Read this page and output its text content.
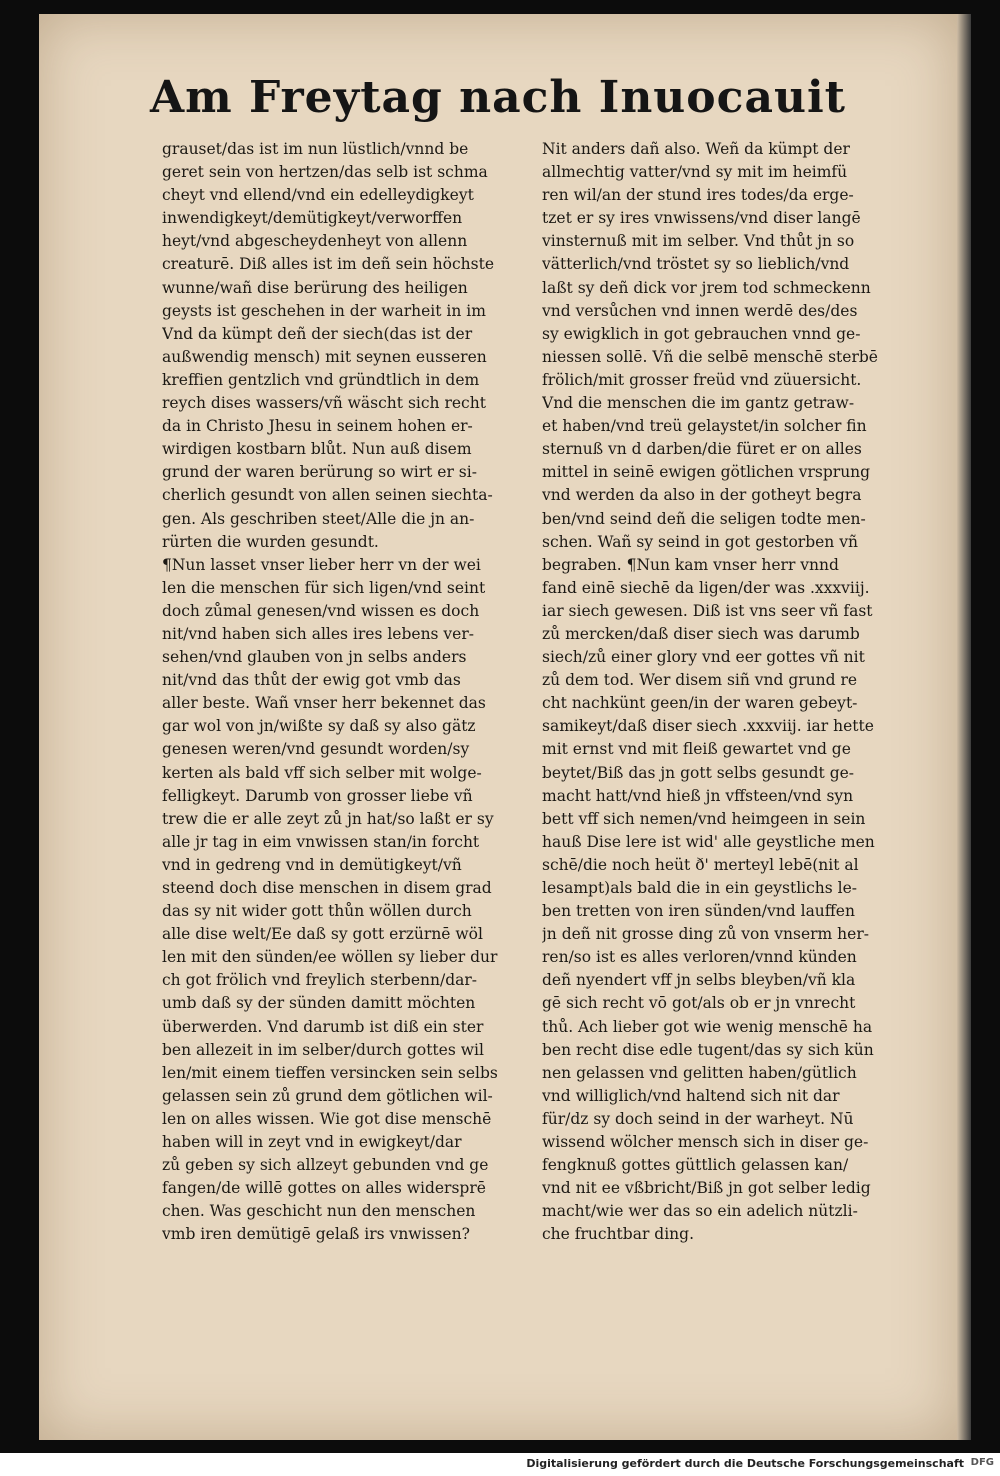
Am Freytag nach Inuocauit
grauset/das ist im nun lüstlich/vnnd be
geret sein von hertzen/das selb ist schma
cheyt vnd ellend/vnd ein edelleydigkeyt
inwendigkeyt/demütigkeyt/verworffen
heyt/vnd abgescheydenheyt von allenn
creaturē. Diß alles ist im deñ sein höchste
wunne/wañ dise berürung des heiligen
geysts ist geschehen in der warheit in im
Vnd da kümpt deñ der siech(das ist der
außwendig mensch) mit seynen eusseren
kreffien gentzlich vnd gründtlich in dem
reych dises wassers/vñ wäscht sich recht
da in Christo Jhesu in seinem hohen er-
wirdigen kostbarn blůt. Nun auß disem
grund der waren berürung so wirt er si-
cherlich gesundt von allen seinen siechta-
gen. Als geschriben steet/Alle die jn an-
rürten die wurden gesundt.
¶Nun lasset vnser lieber herr vn der wei
len die menschen für sich ligen/vnd seint
doch zůmal genesen/vnd wissen es doch
nit/vnd haben sich alles ires lebens ver-
sehen/vnd glauben von jn selbs anders
nit/vnd das thůt der ewig got vmb das
aller beste. Wañ vnser herr bekennet das
gar wol von jn/wißte sy daß sy also gätz
genesen weren/vnd gesundt worden/sy
kerten als bald vff sich selber mit wolge-
felligkeyt. Darumb von grosser liebe vñ
trew die er alle zeyt zů jn hat/so laßt er sy
alle jr tag in eim vnwissen stan/in forcht
vnd in gedreng vnd in demütigkeyt/vñ
steend doch dise menschen in disem grad
das sy nit wider gott thůn wöllen durch
alle dise welt/Ee daß sy gott erzürnē wöl
len mit den sünden/ee wöllen sy lieber dur
ch got frölich vnd freylich sterbenn/dar-
umb daß sy der sünden damitt möchten
überwerden. Vnd darumb ist diß ein ster
ben allezeit in im selber/durch gottes wil
len/mit einem tieffen versincken sein selbs
gelassen sein zů grund dem götlichen wil-
len on alles wissen. Wie got dise menschē
haben will in zeyt vnd in ewigkeyt/dar
zů geben sy sich allzeyt gebunden vnd ge
fangen/de willē gottes on alles widersprē
chen. Was geschicht nun den menschen
vmb iren demütigē gelaß irs vnwissen?
Nit anders dañ also. Weñ da kümpt der
allmechtig vatter/vnd sy mit im heimfü
ren wil/an der stund ires todes/da erge-
tzet er sy ires vnwissens/vnd diser langē
vinsternuß mit im selber. Vnd thůt jn so
vätterlich/vnd tröstet sy so lieblich/vnd
laßt sy deñ dick vor jrem tod schmeckenn
vnd versůchen vnd innen werdē des/des
sy ewigklich in got gebrauchen vnnd ge-
niessen sollē. Vñ die selbē menschē sterbē
frölich/mit grosser freüd vnd züuersicht.
Vnd die menschen die im gantz getraw-
et haben/vnd treü gelaystet/in solcher fin
sternuß vn d darben/die füret er on alles
mittel in seinē ewigen götlichen vrsprung
vnd werden da also in der gotheyt begra
ben/vnd seind deñ die seligen todte men-
schen. Wañ sy seind in got gestorben vñ
begraben. ¶Nun kam vnser herr vnnd
fand einē siechē da ligen/der was .xxxviij.
iar siech gewesen. Diß ist vns seer vñ fast
zů mercken/daß diser siech was darumb
siech/zů einer glory vnd eer gottes vñ nit
zů dem tod. Wer disem siñ vnd grund re
cht nachkünt geen/in der waren gebeyt-
samikeyt/daß diser siech .xxxviij. iar hette
mit ernst vnd mit fleiß gewartet vnd ge
beytet/Biß das jn gott selbs gesundt ge-
macht hatt/vnd hieß jn vffsteen/vnd syn
bett vff sich nemen/vnd heimgeen in sein
hauß Dise lere ist wid' alle geystliche men
schē/die noch heüt ð' merteyl lebē(nit al
lesampt)als bald die in ein geystlichs le-
ben tretten von iren sünden/vnd lauffen
jn deñ nit grosse ding zů von vnserm her-
ren/so ist es alles verloren/vnnd künden
deñ nyendert vff jn selbs bleyben/vñ kla
gē sich recht vō got/als ob er jn vnrecht
thů. Ach lieber got wie wenig menschē ha
ben recht dise edle tugent/das sy sich kün
nen gelassen vnd gelitten haben/gütlich
vnd williglich/vnd haltend sich nit dar
für/dz sy doch seind in der warheyt. Nū
wissend wölcher mensch sich in diser ge-
fengknuß gottes güttlich gelassen kan/
vnd nit ee vßbricht/Biß jn got selber ledig
macht/wie wer das so ein adelich nützli-
che fruchtbar ding.
Digitalisierung gefördert durch die Deutsche Forschungsgemeinschaft DFG
